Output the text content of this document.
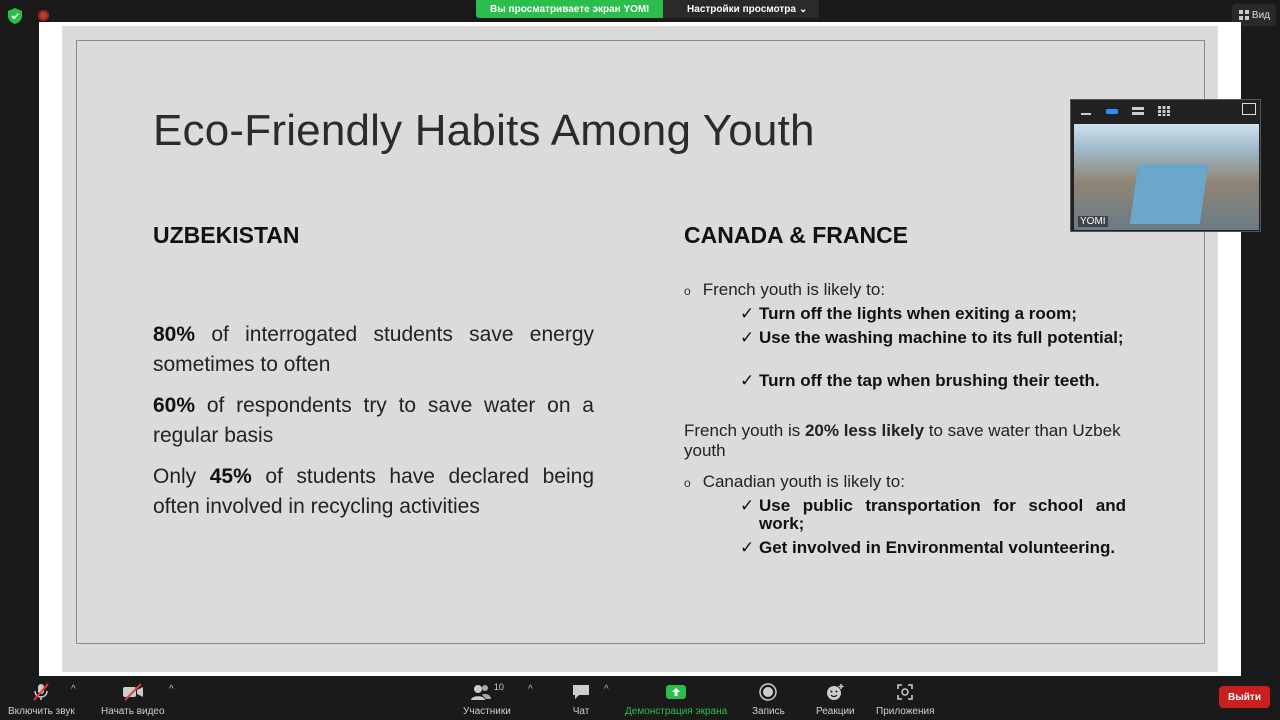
Вы просматриваете экран YOMI	Настройки просмотра ⌄
Вид
Eco-Friendly Habits Among Youth
UZBEKISTAN	CANADA & FRANCE
80% of interrogated students save energy sometimes to often
60% of respondents try to save water on a regular basis
Only 45% of students have declared being often involved in recycling activities
o French youth is likely to:
✓ Turn off the lights when exiting a room;
✓ Use the washing machine to its full potential;
✓ Turn off the tap when brushing their teeth.
French youth is 20% less likely to save water than Uzbek youth
o Canadian youth is likely to:
✓ Use public transportation for school and work;
✓ Get involved in Environmental volunteering.
YOMI
Включить звук
^
Начать видео
^	10
Участники
^
Чат
^
Демонстрация экрана Запись	Реакции Приложения
Выйти
